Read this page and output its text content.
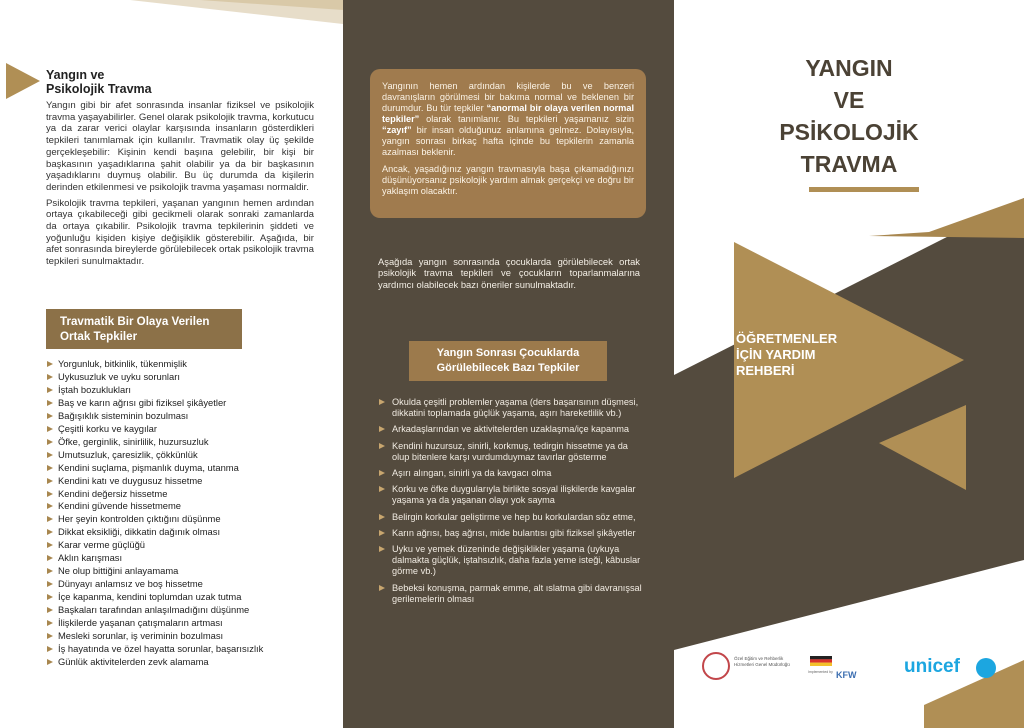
Yangın ve Psikolojik Travma

Yangın gibi bir afet sonrasında insanlar fiziksel ve psikolojik travma yaşayabilirler. Genel olarak psikolojik travma, korkutucu ya da zarar verici olaylar karşısında insanların gösterdikleri tepkileri tanımlamak için kullanılır. Travmatik olay üç şekilde gerçekleşebilir: Kişinin kendi başına gelebilir, bir kişi bir başkasının yaşadıklarına şahit olabilir ya da bir başkasının yaşadıklarını duymuş olabilir. Bu üç durumda da kişilerin derinden etkilenmesi ve psikolojik travma yaşaması normaldir.

Psikolojik travma tepkileri, yaşanan yangının hemen ardından ortaya çıkabileceği gibi gecikmeli olarak sonraki zamanlarda da ortaya çıkabilir. Psikolojik travma tepkilerinin şiddeti ve yoğunluğu kişiden kişiye değişiklik gösterebilir. Aşağıda, bir afet sonrasında bireylerde görülebilecek ortak psikolojik travma tepkileri sunulmaktadır.

Travmatik Bir Olaya Verilen Ortak Tepkiler
Yorgunluk, bitkinlik, tükenmişlik
Uykusuzluk ve uyku sorunları
İştah bozuklukları
Baş ve karın ağrısı gibi fiziksel şikâyetler
Bağışıklık sisteminin bozulması
Çeşitli korku ve kaygılar
Öfke, gerginlik, sinirlilik, huzursuzluk
Umutsuzluk, çaresizlik, çökkünlük
Kendini suçlama, pişmanlık duyma, utanma
Kendini katı ve duygusuz hissetme
Kendini değersiz hissetme
Kendini güvende hissetmeme
Her şeyin kontrolden çıktığını düşünme
Dikkat eksikliği, dikkatin dağınık olması
Karar verme güçlüğü
Aklın karışması
Ne olup bittiğini anlayamama
Dünyayı anlamsız ve boş hissetme
İçe kapanma, kendini toplumdan uzak tutma
Başkaları tarafından anlaşılmadığını düşünme
İlişkilerde yaşanan çatışmaların artması
Mesleki sorunlar, iş veriminin bozulması
İş hayatında ve özel hayatta sorunlar, başarısızlık
Günlük aktivitelerden zevk alamama

Yangının hemen ardından kişilerde bu ve benzeri davranışların görülmesi bir bakıma normal ve beklenen bir durumdur. Bu tür tepkiler “anormal bir olaya verilen normal tepkiler” olarak tanımlanır. Bu tepkileri yaşamanız sizin “zayıf” bir insan olduğunuz anlamına gelmez. Dolayısıyla, yangın sonrası birkaç hafta içinde bu tepkilerin zamanla azalması beklenir.

Ancak, yaşadığınız yangın travmasıyla başa çıkamadığınızı düşünüyorsanız psikolojik yardım almak gerçekçi ve doğru bir yaklaşım olacaktır.

Aşağıda yangın sonrasında çocuklarda görülebilecek ortak psikolojik travma tepkileri ve çocukların toparlanmalarına yardımcı olabilecek bazı öneriler sunulmaktadır.
Yangın Sonrası Çocuklarda Görülebilecek Bazı Tepkiler
Okulda çeşitli problemler yaşama (ders başarısının düşmesi, dikkatini toplamada güçlük yaşama, aşırı hareketlilik vb.)
Arkadaşlarından ve aktivitelerden uzaklaşma/içe kapanma
Kendini huzursuz, sinirli, korkmuş, tedirgin hissetme ya da olup bitenlere karşı vurdumduymaz tavırlar gösterme
Aşırı alıngan, sinirli ya da kavgacı olma
Korku ve öfke duygularıyla birlikte sosyal ilişkilerde kavgalar yaşama ya da yaşanan olayı yok sayma
Belirgin korkular geliştirme ve hep bu korkulardan söz etme,
Karın ağrısı, baş ağrısı, mide bulantısı gibi fiziksel şikâyetler
Uyku ve yemek düzeninde değişiklikler yaşama (uykuya dalmakta güçlük, iştahsızlık, daha fazla yeme isteği, kâbuslar görme vb.)
Bebeksi konuşma, parmak emme, alt ıslatma gibi davranışsal gerilemelerin olması
YANGIN
VE
PSİKOLOJİK
TRAVMA
ÖĞRETMENLER
İÇİN YARDIM
REHBERİ
Özel Eğitim ve Rehberlik Hizmetleri Genel Müdürlüğü
Implemented by KFW	unicef
